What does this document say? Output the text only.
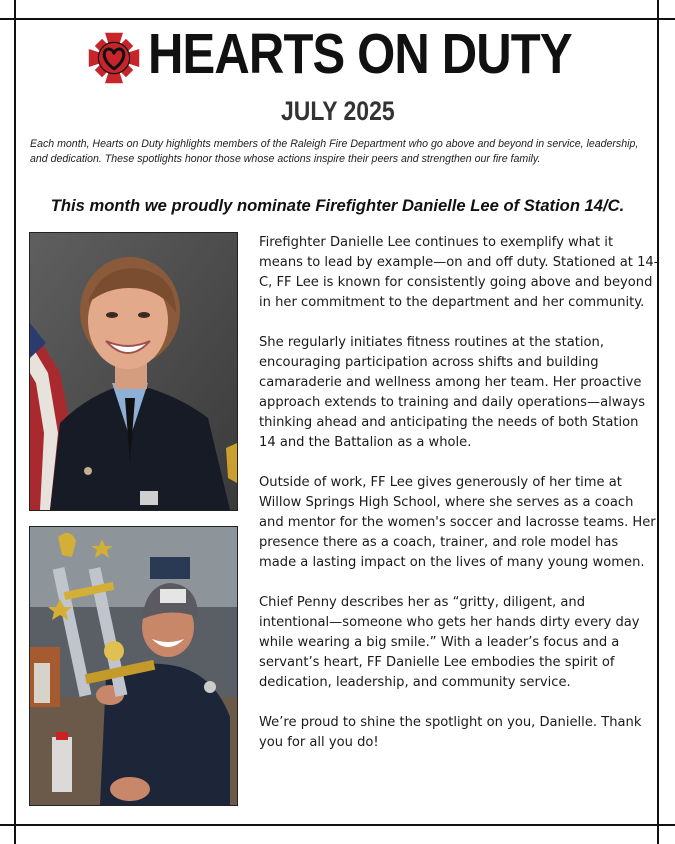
HEARTS ON DUTY
JULY 2025

Each month, Hearts on Duty highlights members of the Raleigh Fire Department who go above and beyond in service, leadership, and dedication. These spotlights honor those whose actions inspire their peers and strengthen our fire family.

This month we proudly nominate Firefighter Danielle Lee of Station 14/C.

Firefighter Danielle Lee continues to exemplify what it means to lead by example—on and off duty. Stationed at 14-C, FF Lee is known for consistently going above and beyond in her commitment to the department and her community.

She regularly initiates fitness routines at the station, encouraging participation across shifts and building camaraderie and wellness among her team. Her proactive approach extends to training and daily operations—always thinking ahead and anticipating the needs of both Station 14 and the Battalion as a whole.

Outside of work, FF Lee gives generously of her time at Willow Springs High School, where she serves as a coach and mentor for the women's soccer and lacrosse teams. Her presence there as a coach, trainer, and role model has made a lasting impact on the lives of many young women.

Chief Penny describes her as “gritty, diligent, and intentional—someone who gets her hands dirty every day while wearing a big smile.” With a leader’s focus and a servant’s heart, FF Danielle Lee embodies the spirit of dedication, leadership, and community service.

We’re proud to shine the spotlight on you, Danielle. Thank you for all you do!
